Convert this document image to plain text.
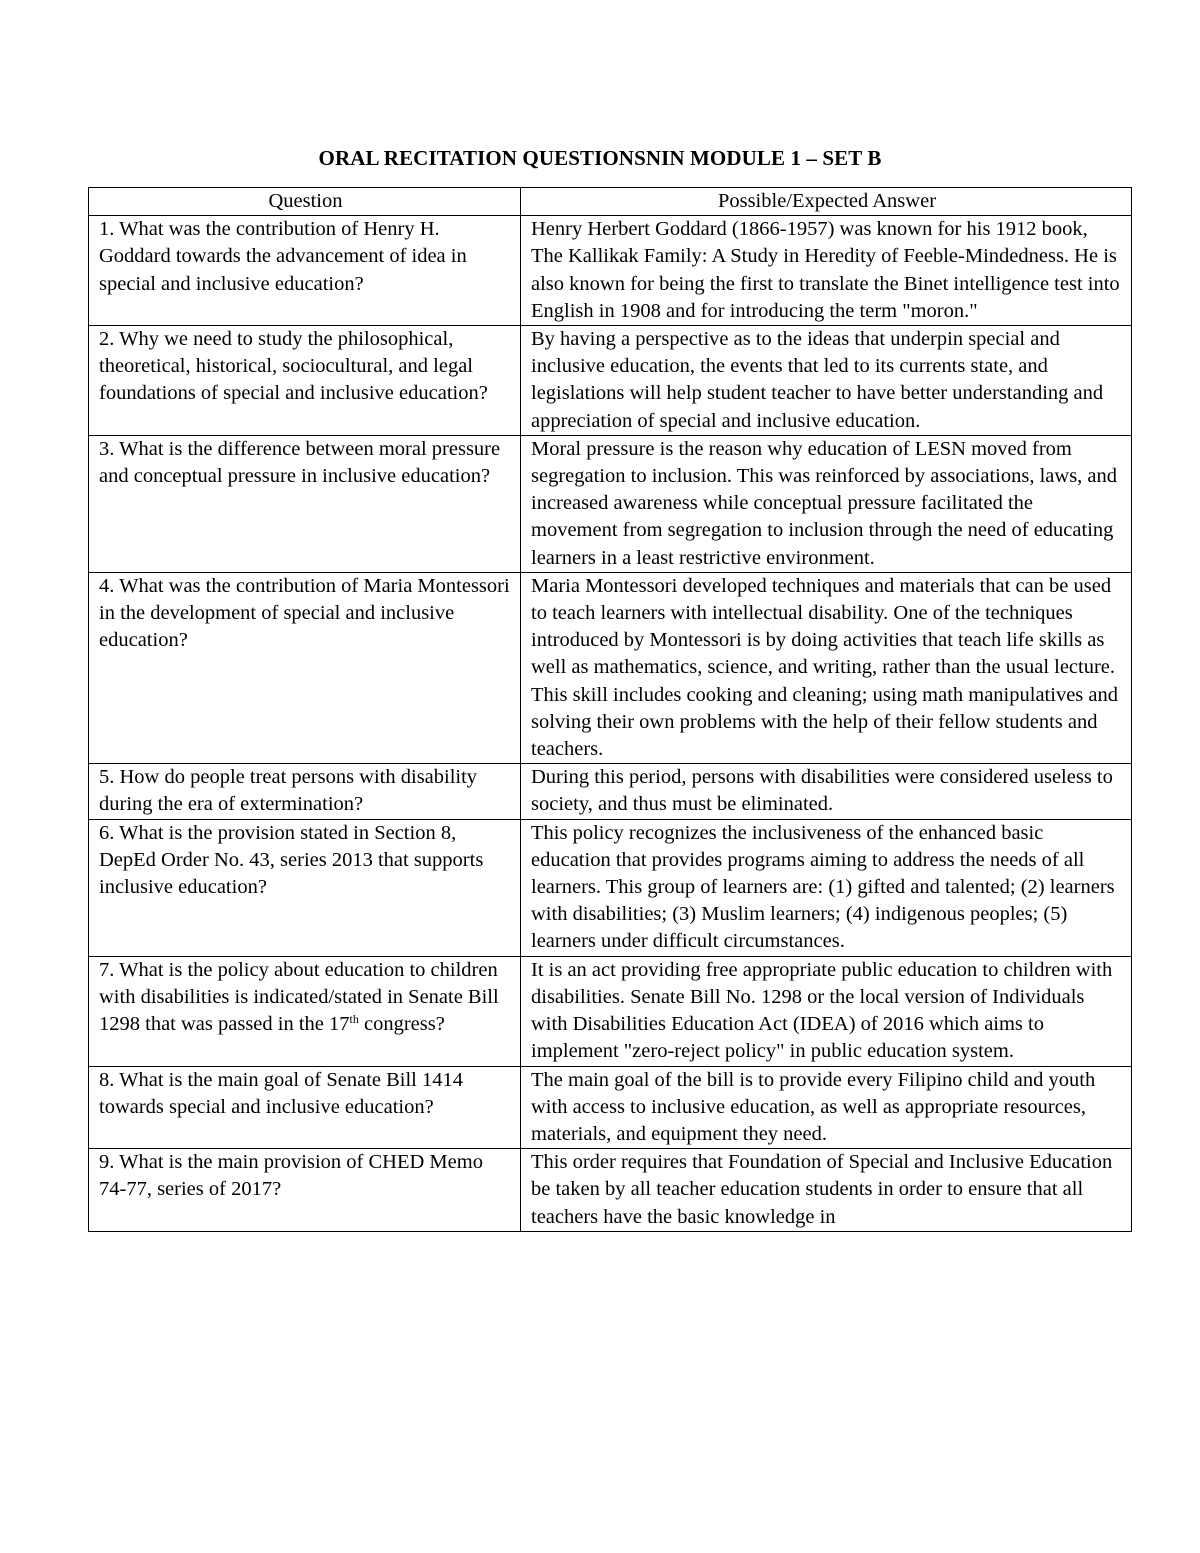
ORAL RECITATION QUESTIONSNIN MODULE 1 – SET B
Question	Possible/Expected Answer
1. What was the contribution of Henry H. Goddard towards the advancement of idea in special and inclusive education?	Henry Herbert Goddard (1866-1957) was known for his 1912 book, The Kallikak Family: A Study in Heredity of Feeble-Mindedness. He is also known for being the first to translate the Binet intelligence test into English in 1908 and for introducing the term "moron."
2. Why we need to study the philosophical, theoretical, historical, sociocultural, and legal foundations of special and inclusive education?	By having a perspective as to the ideas that underpin special and inclusive education, the events that led to its currents state, and legislations will help student teacher to have better understanding and appreciation of special and inclusive education.
3. What is the difference between moral pressure and conceptual pressure in inclusive education?	Moral pressure is the reason why education of LESN moved from segregation to inclusion. This was reinforced by associations, laws, and increased awareness while conceptual pressure facilitated the movement from segregation to inclusion through the need of educating learners in a least restrictive environment.
4. What was the contribution of Maria Montessori in the development of special and inclusive education?	Maria Montessori developed techniques and materials that can be used to teach learners with intellectual disability. One of the techniques introduced by Montessori is by doing activities that teach life skills as well as mathematics, science, and writing, rather than the usual lecture. This skill includes cooking and cleaning; using math manipulatives and solving their own problems with the help of their fellow students and teachers.
5. How do people treat persons with disability during the era of extermination?	During this period, persons with disabilities were considered useless to society, and thus must be eliminated.
6. What is the provision stated in Section 8, DepEd Order No. 43, series 2013 that supports inclusive education?	This policy recognizes the inclusiveness of the enhanced basic education that provides programs aiming to address the needs of all learners. This group of learners are: (1) gifted and talented; (2) learners with disabilities; (3) Muslim learners; (4) indigenous peoples; (5) learners under difficult circumstances.
7. What is the policy about education to children with disabilities is indicated/stated in Senate Bill 1298 that was passed in the 17th congress?	It is an act providing free appropriate public education to children with disabilities. Senate Bill No. 1298 or the local version of Individuals with Disabilities Education Act (IDEA) of 2016 which aims to implement "zero-reject policy" in public education system.
8. What is the main goal of Senate Bill 1414 towards special and inclusive education?	The main goal of the bill is to provide every Filipino child and youth with access to inclusive education, as well as appropriate resources, materials, and equipment they need.
9. What is the main provision of CHED Memo 74-77, series of 2017?	This order requires that Foundation of Special and Inclusive Education be taken by all teacher education students in order to ensure that all teachers have the basic knowledge in
